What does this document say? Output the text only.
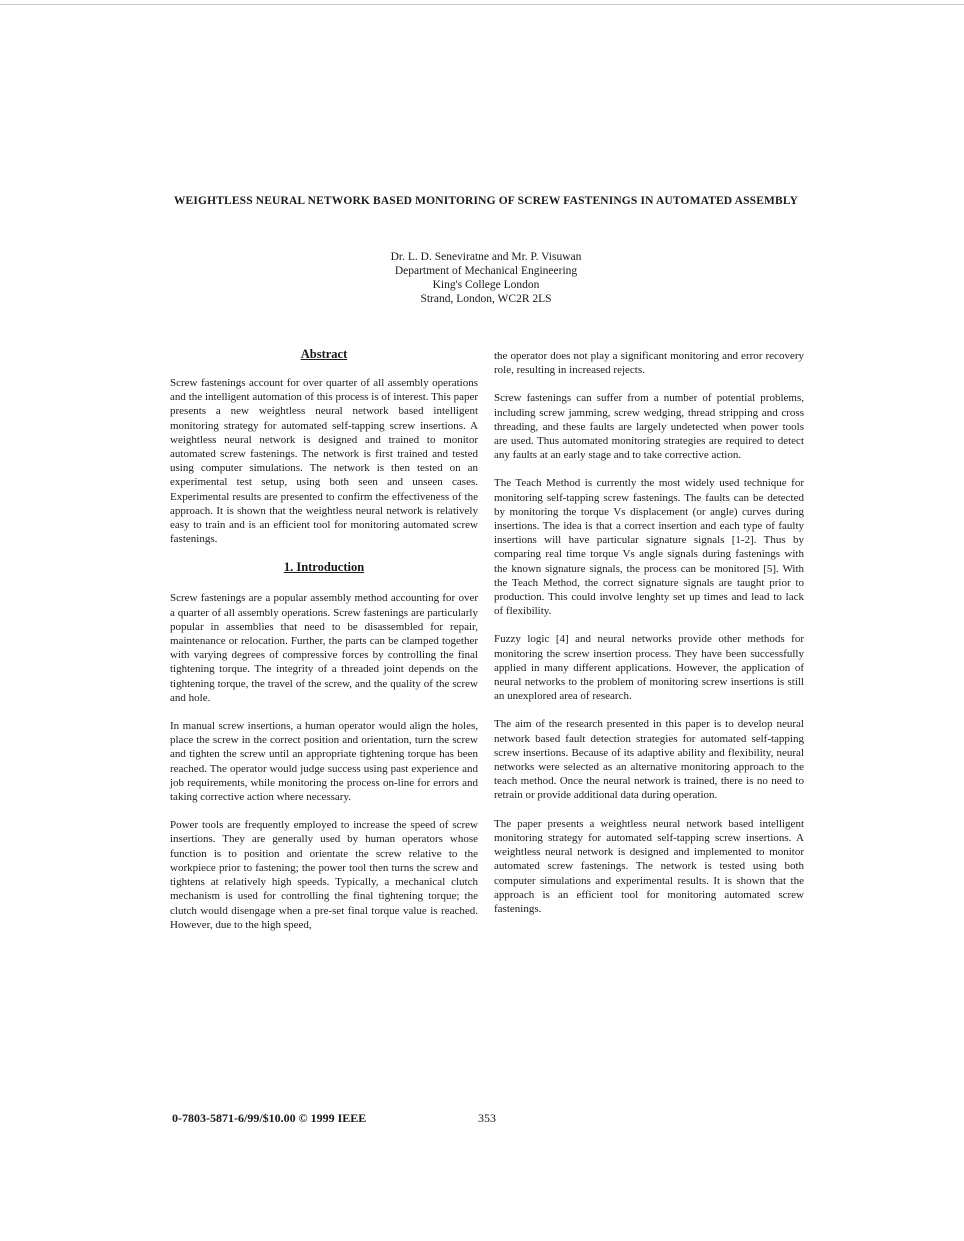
WEIGHTLESS NEURAL NETWORK BASED MONITORING OF SCREW FASTENINGS IN AUTOMATED ASSEMBLY
Dr. L. D. Seneviratne and Mr. P. Visuwan
Department of Mechanical Engineering
King's College London
Strand, London, WC2R 2LS
Abstract

Screw fastenings account for over quarter of all assembly operations and the intelligent automation of this process is of interest. This paper presents a new weightless neural network based intelligent monitoring strategy for automated self-tapping screw insertions. A weightless neural network is designed and trained to monitor automated screw fastenings. The network is first trained and tested using computer simulations. The network is then tested on an experimental test setup, using both seen and unseen cases. Experimental results are presented to confirm the effectiveness of the approach. It is shown that the weightless neural network is relatively easy to train and is an efficient tool for monitoring automated screw fastenings.

1. Introduction

Screw fastenings are a popular assembly method accounting for over a quarter of all assembly operations. Screw fastenings are particularly popular in assemblies that need to be disassembled for repair, maintenance or relocation. Further, the parts can be clamped together with varying degrees of compressive forces by controlling the final tightening torque. The integrity of a threaded joint depends on the tightening torque, the travel of the screw, and the quality of the screw and hole.

In manual screw insertions, a human operator would align the holes, place the screw in the correct position and orientation, turn the screw and tighten the screw until an appropriate tightening torque has been reached. The operator would judge success using past experience and job requirements, while monitoring the process on-line for errors and taking corrective action where necessary.

Power tools are frequently employed to increase the speed of screw insertions. They are generally used by human operators whose function is to position and orientate the screw relative to the workpiece prior to fastening; the power tool then turns the screw and tightens at relatively high speeds. Typically, a mechanical clutch mechanism is used for controlling the final tightening torque; the clutch would disengage when a pre-set final torque value is reached. However, due to the high speed,

the operator does not play a significant monitoring and error recovery role, resulting in increased rejects.

Screw fastenings can suffer from a number of potential problems, including screw jamming, screw wedging, thread stripping and cross threading, and these faults are largely undetected when power tools are used. Thus automated monitoring strategies are required to detect any faults at an early stage and to take corrective action.

The Teach Method is currently the most widely used technique for monitoring self-tapping screw fastenings. The faults can be detected by monitoring the torque Vs displacement (or angle) curves during insertions. The idea is that a correct insertion and each type of faulty insertions will have particular signature signals [1-2]. Thus by comparing real time torque Vs angle signals during fastenings with the known signature signals, the process can be monitored [5]. With the Teach Method, the correct signature signals are taught prior to production. This could involve lenghty set up times and lead to lack of flexibility.

Fuzzy logic [4] and neural networks provide other methods for monitoring the screw insertion process. They have been successfully applied in many different applications. However, the application of neural networks to the problem of monitoring screw insertions is still an unexplored area of research.

The aim of the research presented in this paper is to develop neural network based fault detection strategies for automated self-tapping screw insertions. Because of its adaptive ability and flexibility, neural networks were selected as an alternative monitoring approach to the teach method. Once the neural network is trained, there is no need to retrain or provide additional data during operation.

The paper presents a weightless neural network based intelligent monitoring strategy for automated self-tapping screw insertions. A weightless neural network is designed and implemented to monitor automated screw fastenings. The network is tested using both computer simulations and experimental results. It is shown that the approach is an efficient tool for monitoring automated screw fastenings.

0-7803-5871-6/99/$10.00 © 1999 IEEE	353
